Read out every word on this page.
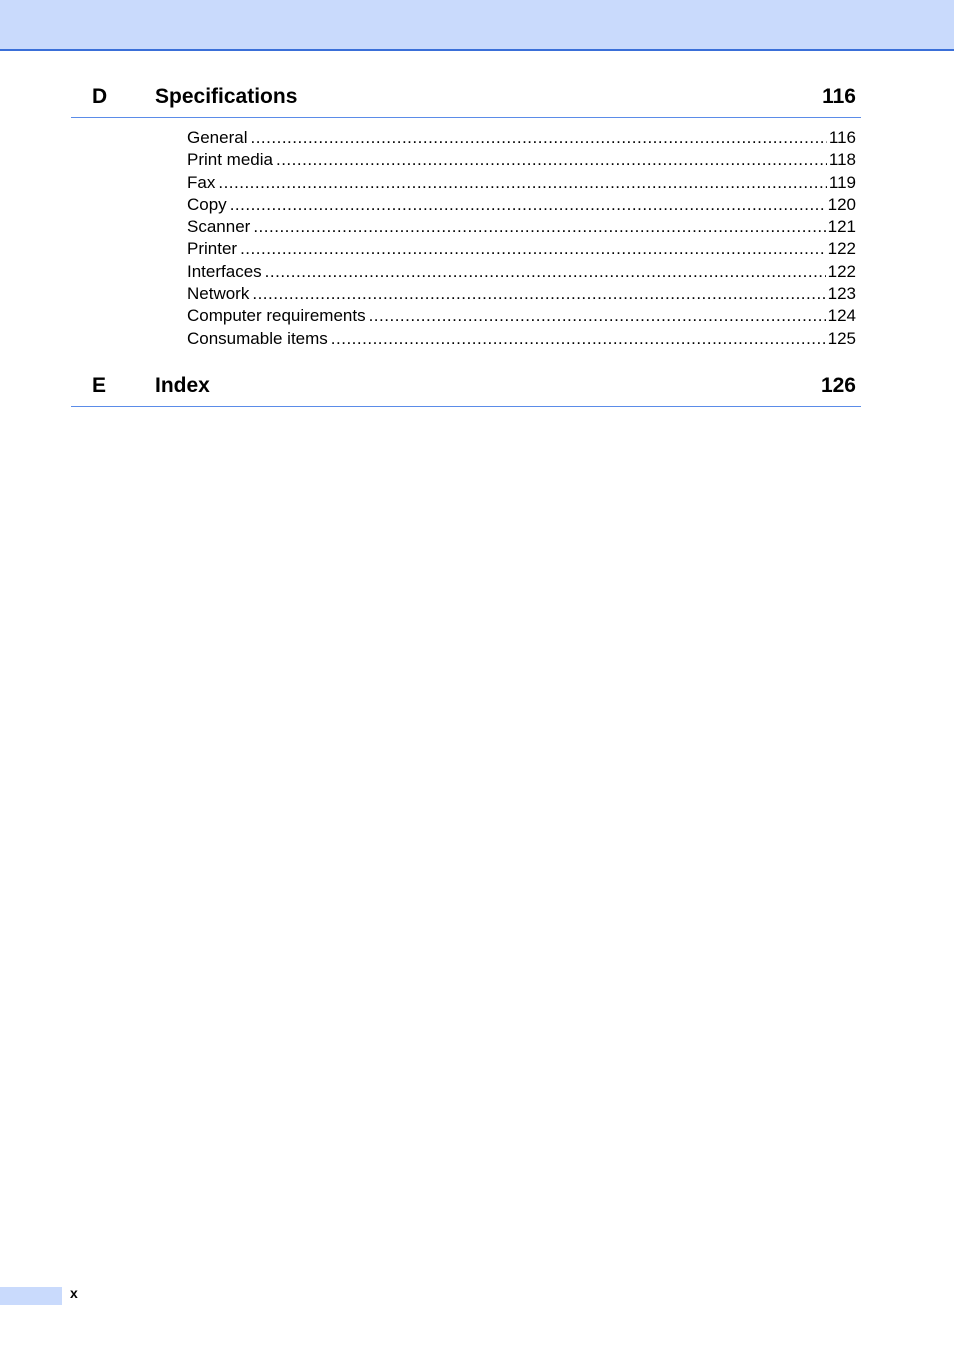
D Specifications	116
General .....	116
Print media .....	118
Fax .....	119
Copy .....	120
Scanner .....	121
Printer .....	122
Interfaces .....	122
Network .....	123
Computer requirements .....	124
Consumable items .....	125
E Index	126
x
